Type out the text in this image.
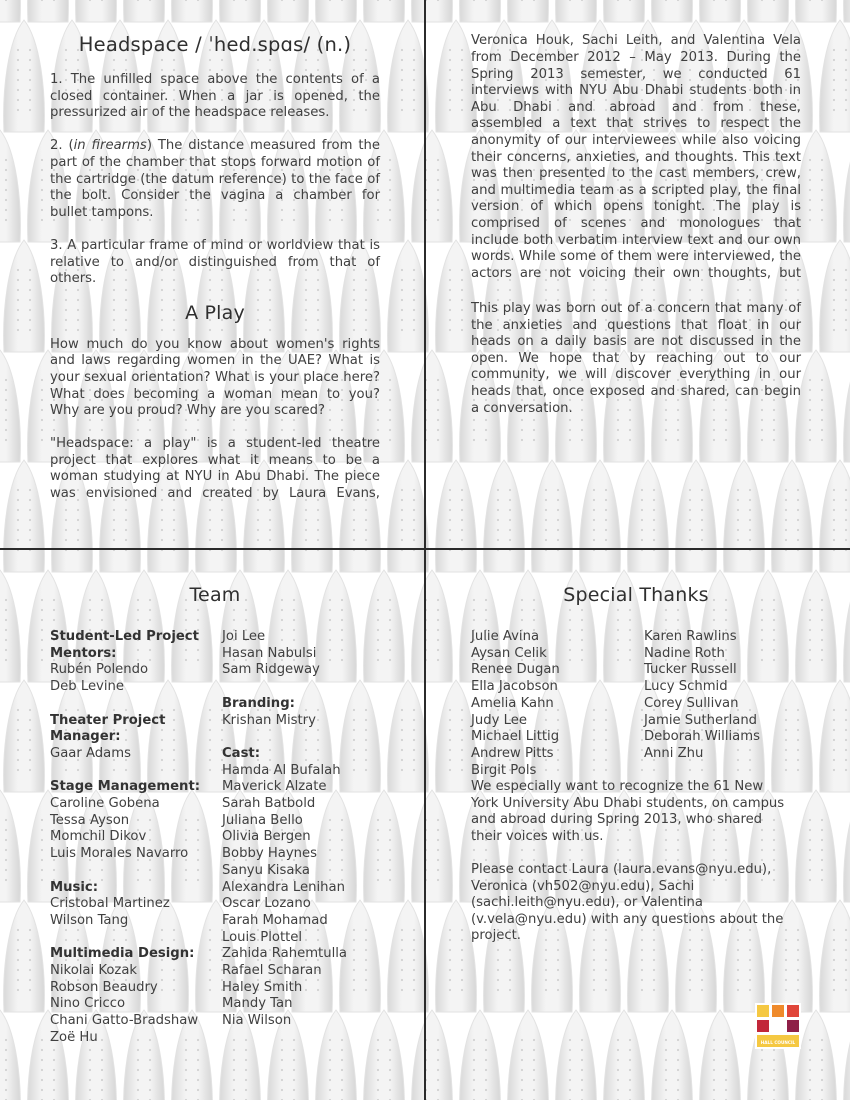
Headspace / ˈhed.spɑs/ (n.)

1. The unfilled space above the contents of a closed container. When a jar is opened, the pressurized air of the headspace releases.

2. (in firearms) The distance measured from the part of the chamber that stops forward motion of the cartridge (the datum reference) to the face of the bolt. Consider the vagina a chamber for bullet tampons.

3. A particular frame of mind or worldview that is relative to and/or distinguished from that of others.

A Play

How much do you know about women's rights and laws regarding women in the UAE? What is your sexual orientation? What is your place here? What does becoming a woman mean to you? Why are you proud? Why are you scared?

"Headspace: a play" is a student-led theatre project that explores what it means to be a woman studying at NYU in Abu Dhabi. The piece was envisioned and created by Laura Evans,

Veronica Houk, Sachi Leith, and Valentina Vela from December 2012 – May 2013. During the Spring 2013 semester, we conducted 61 interviews with NYU Abu Dhabi students both in Abu Dhabi and abroad and from these, assembled a text that strives to respect the anonymity of our interviewees while also voicing their concerns, anxieties, and thoughts. This text was then presented to the cast members, crew, and multimedia team as a scripted play, the final version of which opens tonight. The play is comprised of scenes and monologues that include both verbatim interview text and our own words. While some of them were interviewed, the actors are not voicing their own thoughts, but

This play was born out of a concern that many of the anxieties and questions that float in our heads on a daily basis are not discussed in the open. We hope that by reaching out to our community, we will discover everything in our heads that, once exposed and shared, can begin a conversation.

Team
Student-Led Project Mentors:
Rubén Polendo
Deb Levine
Theater Project Manager:
Gaar Adams
Stage Management:
Caroline Gobena
Tessa Ayson
Momchil Dikov
Luis Morales Navarro
Music:
Cristobal Martinez
Wilson Tang
Multimedia Design:
Nikolai Kozak
Robson Beaudry
Nino Cricco
Chani Gatto-Bradshaw
Zoë Hu
Joi Lee
Hasan Nabulsi
Sam Ridgeway
Branding:
Krishan Mistry
Cast:
Hamda Al Bufalah
Maverick Alzate
Sarah Batbold
Juliana Bello
Olivia Bergen
Bobby Haynes
Sanyu Kisaka
Alexandra Lenihan
Oscar Lozano
Farah Mohamad
Louis Plottel
Zahida Rahemtulla
Rafael Scharan
Haley Smith
Mandy Tan
Nia Wilson
Special Thanks
Julie Avina
Aysan Celik
Renee Dugan
Ella Jacobson
Amelia Kahn
Judy Lee
Michael Littig
Andrew Pitts
Birgit Pols
Karen Rawlins
Nadine Roth
Tucker Russell
Lucy Schmid
Corey Sullivan
Jamie Sutherland
Deborah Williams
Anni Zhu

We especially want to recognize the 61 New York University Abu Dhabi students, on campus and abroad during Spring 2013, who shared their voices with us.

Please contact Laura (laura.evans@nyu.edu), Veronica (vh502@nyu.edu), Sachi (sachi.leith@nyu.edu), or Valentina (v.vela@nyu.edu) with any questions about the project.

HALL COUNCIL
